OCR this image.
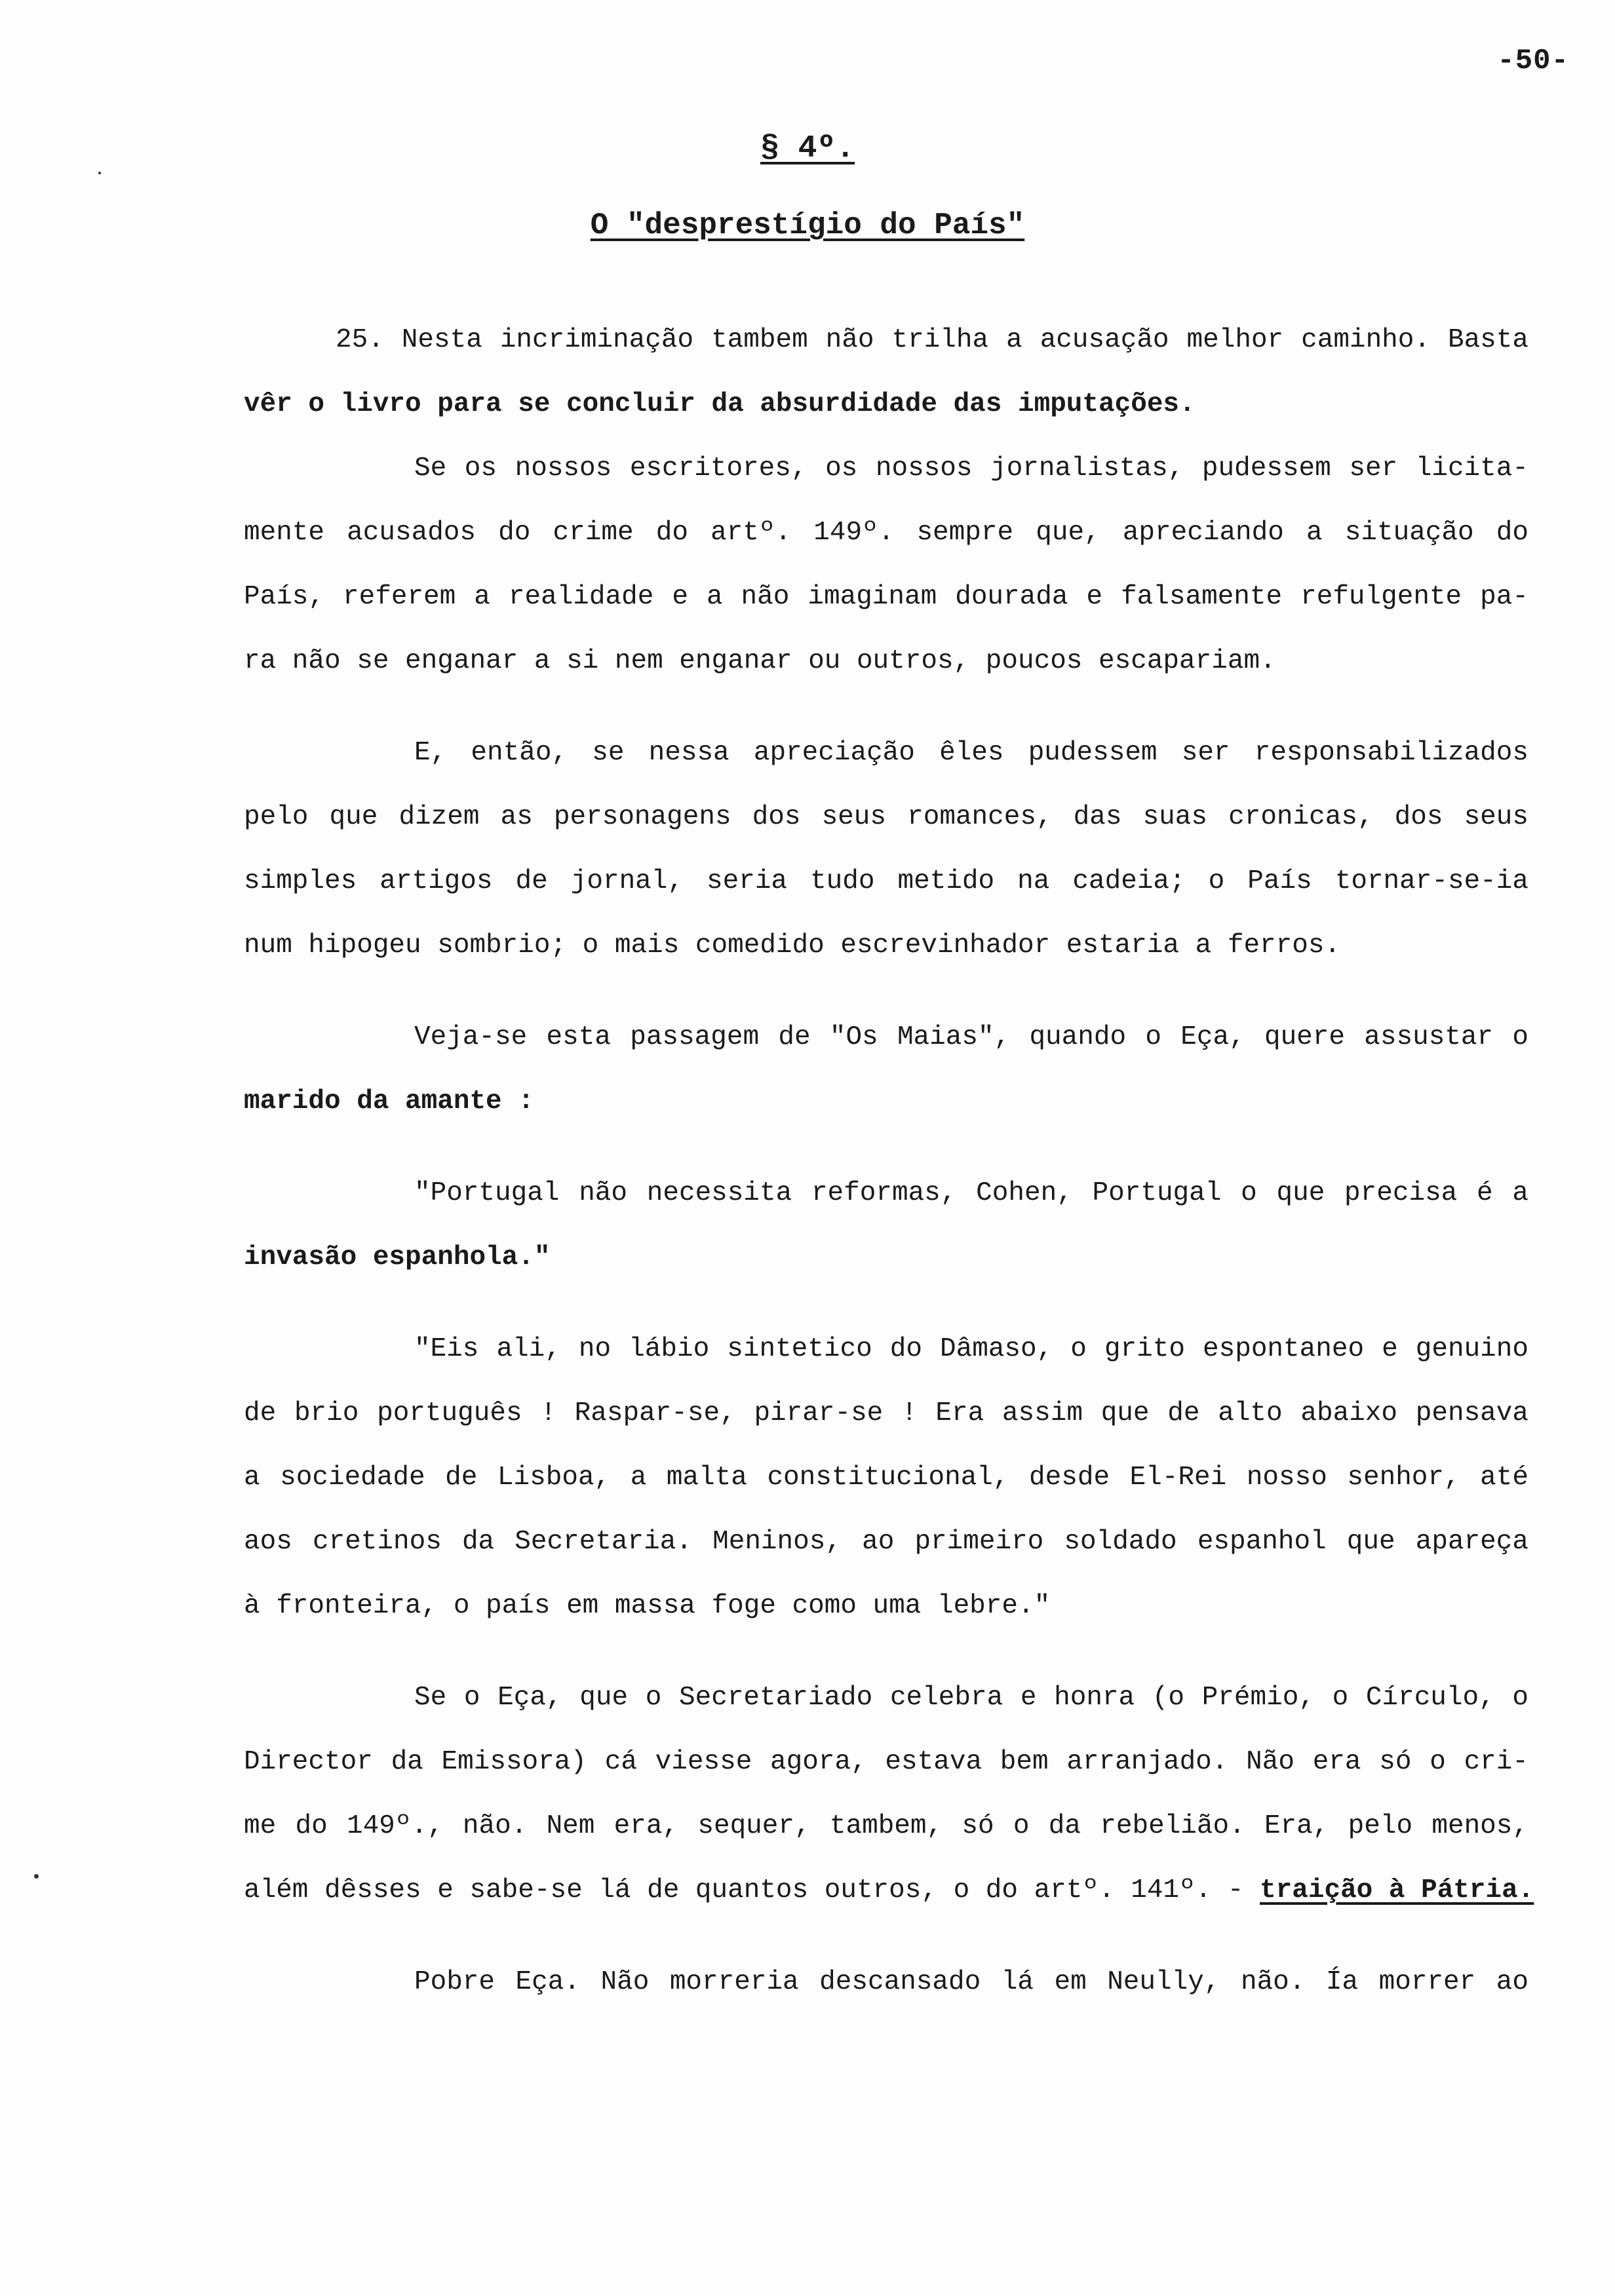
-50-
§ 4º.
O "desprestígio do País"
25. Nesta incriminação tambem não trilha a acusação melhor caminho. Basta
vêr o livro para se concluir da absurdidade das imputações.
Se os nossos escritores, os nossos jornalistas, pudessem ser licita-
mente acusados do crime do artº. 149º. sempre que, apreciando a situação do
País, referem a realidade e a não imaginam dourada e falsamente refulgente pa-
ra não se enganar a si nem enganar ou outros, poucos escapariam.
E, então, se nessa apreciação êles pudessem ser responsabilizados
pelo que dizem as personagens dos seus romances, das suas cronicas, dos seus
simples artigos de jornal, seria tudo metido na cadeia; o País tornar-se-ia
num hipogeu sombrio; o mais comedido escrevinhador estaria a ferros.
Veja-se esta passagem de "Os Maias", quando o Eça, quere assustar o
marido da amante :
"Portugal não necessita reformas, Cohen, Portugal o que precisa é a
invasão espanhola."
"Eis ali, no lábio sintetico do Dâmaso, o grito espontaneo e genuino
de brio português ! Raspar-se, pirar-se ! Era assim que de alto abaixo pensava
a sociedade de Lisboa, a malta constitucional, desde El-Rei nosso senhor, até
aos cretinos da Secretaria. Meninos, ao primeiro soldado espanhol que apareça
à fronteira, o país em massa foge como uma lebre."
Se o Eça, que o Secretariado celebra e honra (o Prémio, o Círculo, o
Director da Emissora) cá viesse agora, estava bem arranjado. Não era só o cri-
me do 149º., não. Nem era, sequer, tambem, só o da rebelião. Era, pelo menos,
além dêsses e sabe-se lá de quantos outros, o do artº. 141º. - traição à Pátria.
Pobre Eça. Não morreria descansado lá em Neully, não. Ía morrer ao
